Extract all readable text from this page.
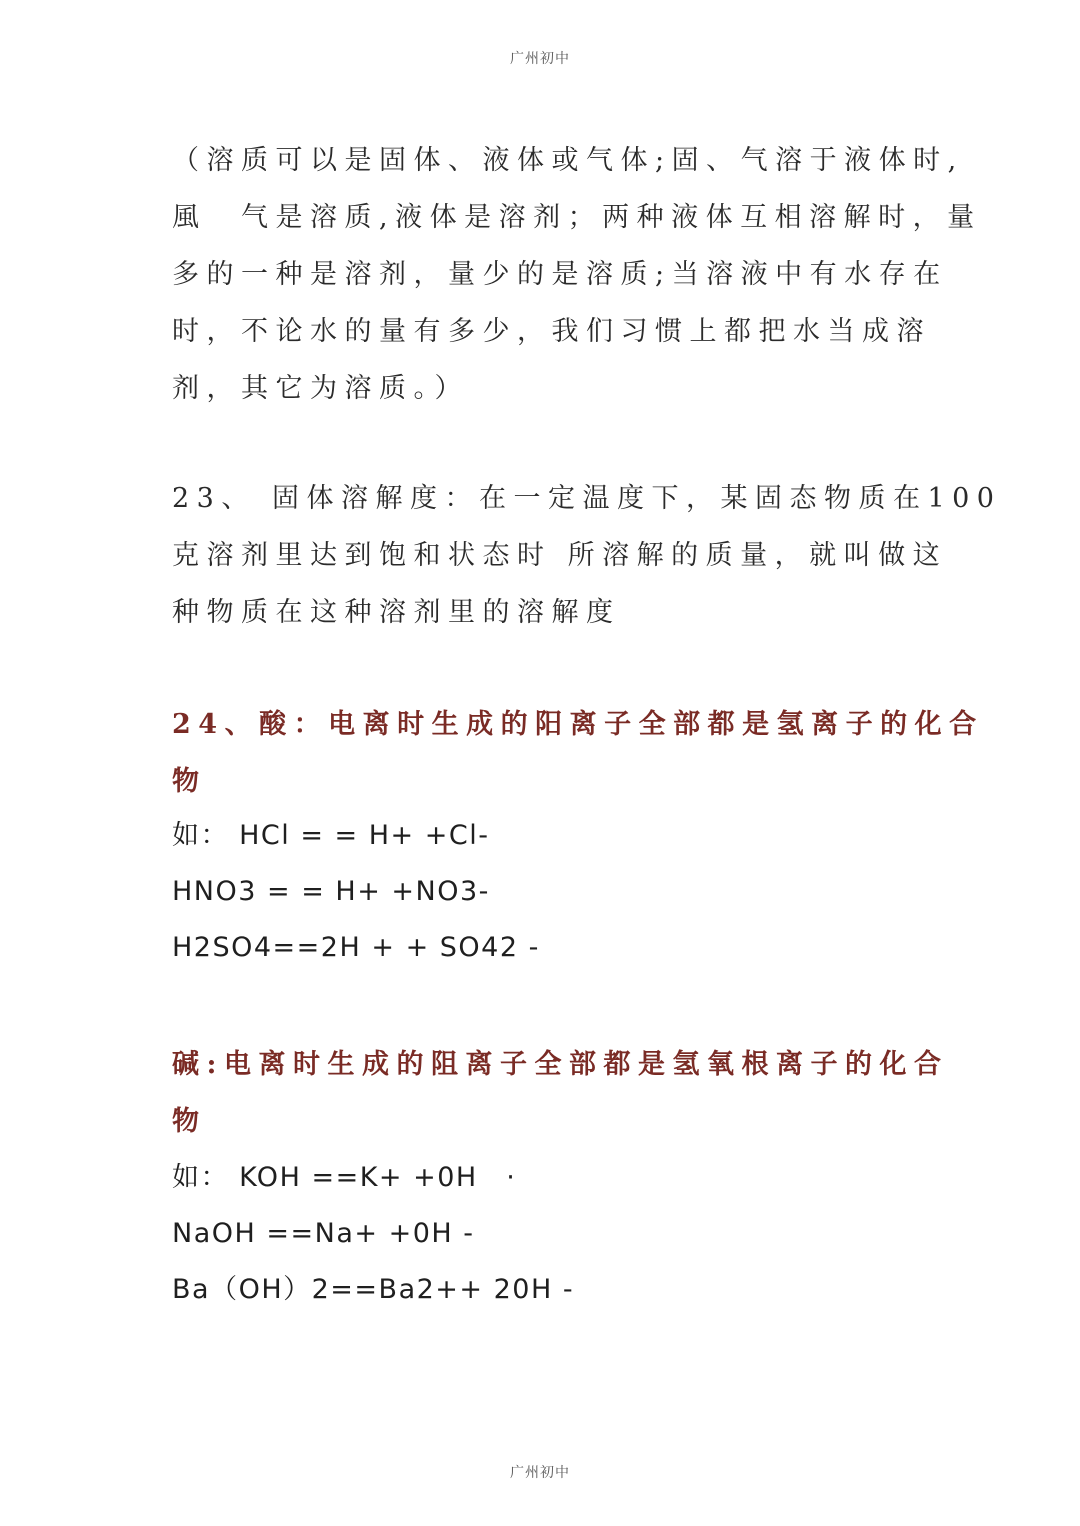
广州初中
（溶质可以是固体、液体或气体;固、气溶于液体时,
風　气是溶质,液体是溶剂；两种液体互相溶解时，量
多的一种是溶剂，量少的是溶质;当溶液中有水存在
时，不论水的量有多少，我们习惯上都把水当成溶
剂，其它为溶质。）
23、 固体溶解度：在一定温度下，某固态物质在100
克溶剂里达到饱和状态时 所溶解的质量，就叫做这
种物质在这种溶剂里的溶解度
24、酸：电离时生成的阳离子全部都是氢离子的化合
物
如： HCl = = H+ +Cl-
HNO3 = = H+ +NO3-
H2SO4==2H + + SO42 -
碱:电离时生成的阻离子全部都是氢氧根离子的化合
物
如： KOH ==K+ +0H　·
NaOH ==Na+ +0H -
Ba（OH）2==Ba2++ 20H -
广州初中
